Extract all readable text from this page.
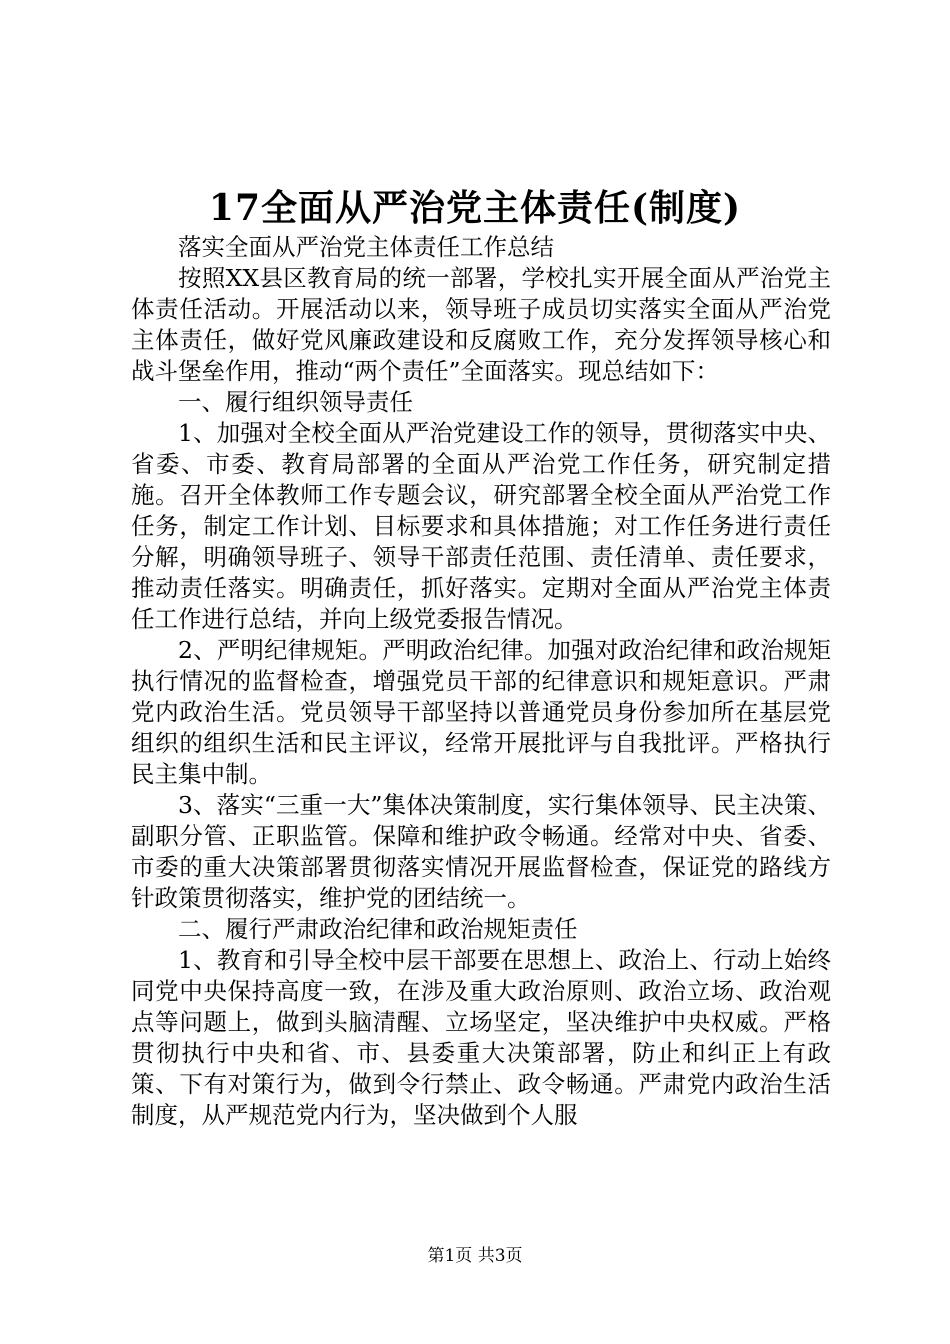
17全面从严治党主体责任(制度)

落实全面从严治党主体责任工作总结

按照XX县区教育局的统一部署，学校扎实开展全面从严治党主体责任活动。开展活动以来，领导班子成员切实落实全面从严治党主体责任，做好党风廉政建设和反腐败工作，充分发挥领导核心和战斗堡垒作用，推动“两个责任”全面落实。现总结如下：

一、履行组织领导责任

1、加强对全校全面从严治党建设工作的领导，贯彻落实中央、省委、市委、教育局部署的全面从严治党工作任务，研究制定措施。召开全体教师工作专题会议，研究部署全校全面从严治党工作任务，制定工作计划、目标要求和具体措施；对工作任务进行责任分解，明确领导班子、领导干部责任范围、责任清单、责任要求，推动责任落实。明确责任，抓好落实。定期对全面从严治党主体责任工作进行总结，并向上级党委报告情况。

2、严明纪律规矩。严明政治纪律。加强对政治纪律和政治规矩执行情况的监督检查，增强党员干部的纪律意识和规矩意识。严肃党内政治生活。党员领导干部坚持以普通党员身份参加所在基层党组织的组织生活和民主评议，经常开展批评与自我批评。严格执行民主集中制。

3、落实“三重一大”集体决策制度，实行集体领导、民主决策、副职分管、正职监管。保障和维护政令畅通。经常对中央、省委、市委的重大决策部署贯彻落实情况开展监督检查，保证党的路线方针政策贯彻落实，维护党的团结统一。

二、履行严肃政治纪律和政治规矩责任

1、教育和引导全校中层干部要在思想上、政治上、行动上始终同党中央保持高度一致，在涉及重大政治原则、政治立场、政治观点等问题上，做到头脑清醒、立场坚定，坚决维护中央权威。严格贯彻执行中央和省、市、县委重大决策部署，防止和纠正上有政策、下有对策行为，做到令行禁止、政令畅通。严肃党内政治生活制度，从严规范党内行为，坚决做到个人服

第1页 共3页
